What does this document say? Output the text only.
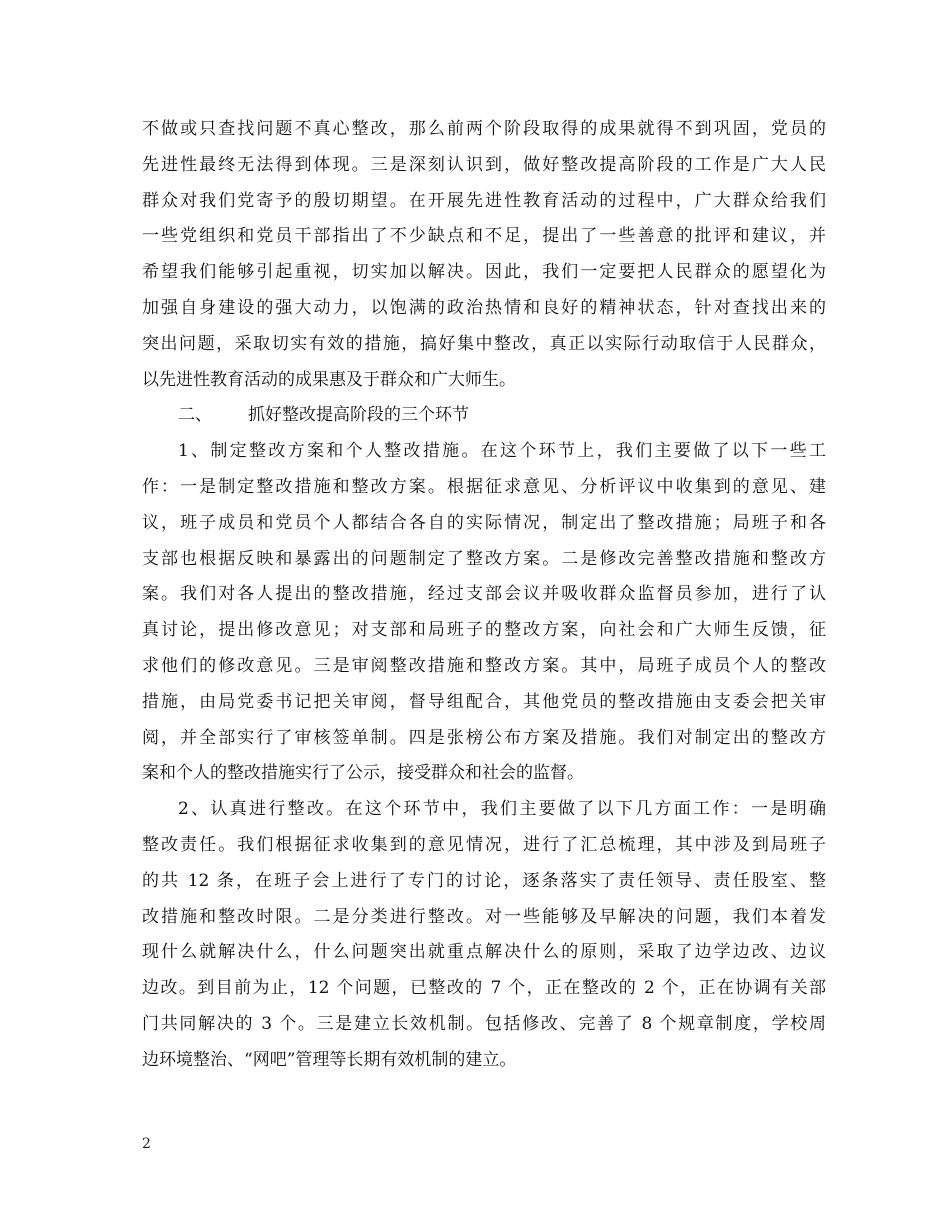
不做或只查找问题不真心整改，那么前两个阶段取得的成果就得不到巩固，党员的
先进性最终无法得到体现。三是深刻认识到，做好整改提高阶段的工作是广大人民
群众对我们党寄予的殷切期望。在开展先进性教育活动的过程中，广大群众给我们
一些党组织和党员干部指出了不少缺点和不足，提出了一些善意的批评和建议，并
希望我们能够引起重视，切实加以解决。因此，我们一定要把人民群众的愿望化为
加强自身建设的强大动力，以饱满的政治热情和良好的精神状态，针对查找出来的
突出问题，采取切实有效的措施，搞好集中整改，真正以实际行动取信于人民群众，
以先进性教育活动的成果惠及于群众和广大师生。
二、 抓好整改提高阶段的三个环节
1、制定整改方案和个人整改措施。在这个环节上，我们主要做了以下一些工
作：一是制定整改措施和整改方案。根据征求意见、分析评议中收集到的意见、建
议，班子成员和党员个人都结合各自的实际情况，制定出了整改措施；局班子和各
支部也根据反映和暴露出的问题制定了整改方案。二是修改完善整改措施和整改方
案。我们对各人提出的整改措施，经过支部会议并吸收群众监督员参加，进行了认
真讨论，提出修改意见；对支部和局班子的整改方案，向社会和广大师生反馈，征
求他们的修改意见。三是审阅整改措施和整改方案。其中，局班子成员个人的整改
措施，由局党委书记把关审阅，督导组配合，其他党员的整改措施由支委会把关审
阅，并全部实行了审核签单制。四是张榜公布方案及措施。我们对制定出的整改方
案和个人的整改措施实行了公示，接受群众和社会的监督。
2、认真进行整改。在这个环节中，我们主要做了以下几方面工作：一是明确
整改责任。我们根据征求收集到的意见情况，进行了汇总梳理，其中涉及到局班子
的共 12 条，在班子会上进行了专门的讨论，逐条落实了责任领导、责任股室、整
改措施和整改时限。二是分类进行整改。对一些能够及早解决的问题，我们本着发
现什么就解决什么，什么问题突出就重点解决什么的原则，采取了边学边改、边议
边改。到目前为止，12 个问题，已整改的 7 个，正在整改的 2 个，正在协调有关部
门共同解决的 3 个。三是建立长效机制。包括修改、完善了 8 个规章制度，学校周
边环境整治、“网吧”管理等长期有效机制的建立。
2
